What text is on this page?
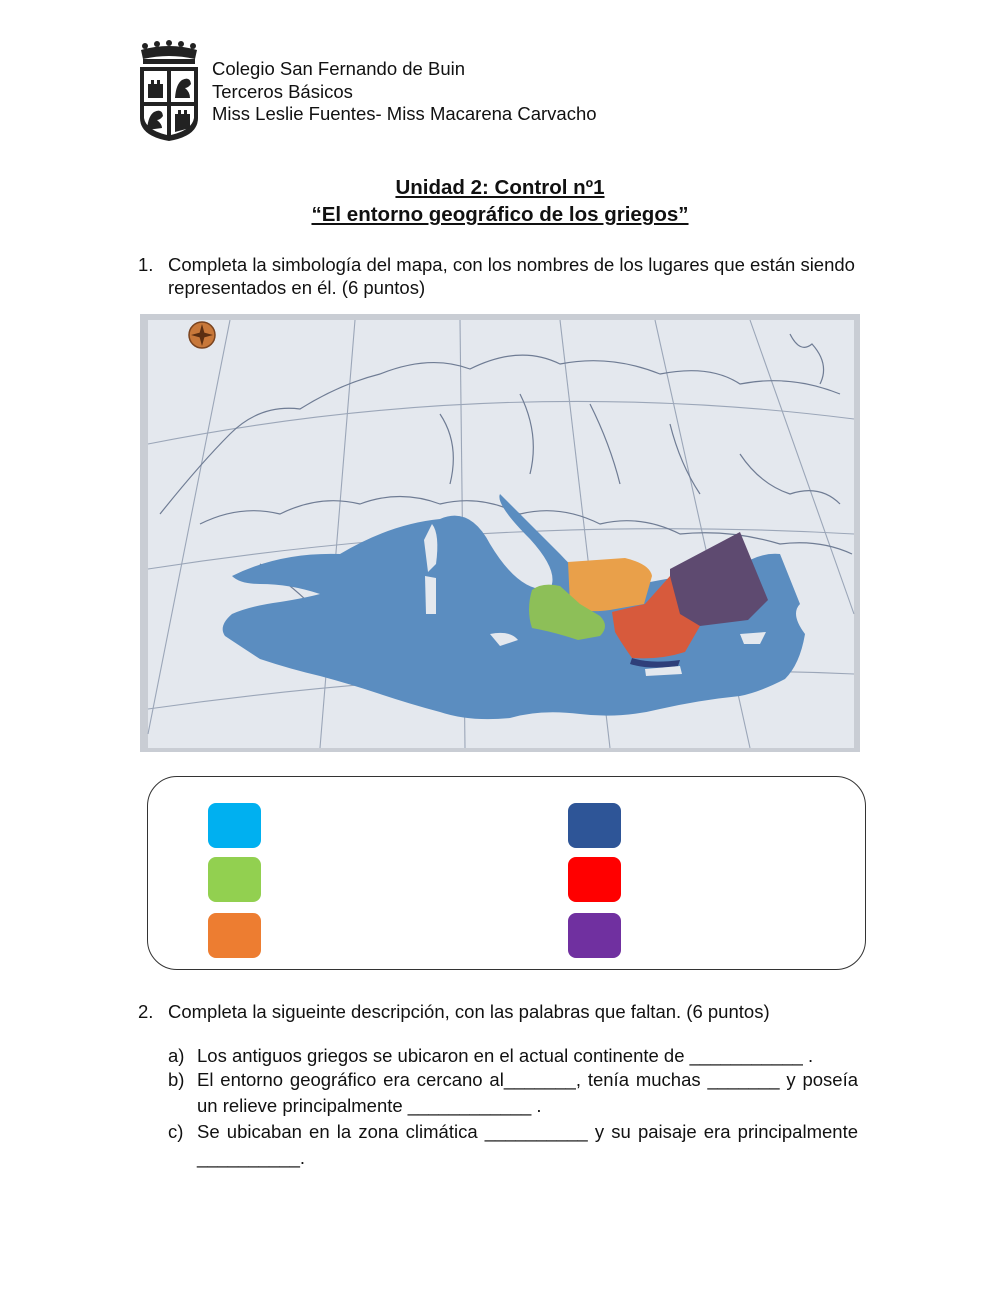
Colegio San Fernando de Buin
Terceros Básicos
Miss Leslie Fuentes- Miss Macarena Carvacho
Unidad 2: Control nº1
“El entorno geográfico de los griegos”
1. Completa la simbología del mapa, con los nombres de los lugares que están siendo representados en él. (6 puntos)
2. Completa la sigueinte descripción, con las palabras que faltan. (6 puntos)
a) Los antiguos griegos se ubicaron en el actual continente de ___________ .
b) El entorno geográfico era cercano al_______, tenía muchas _______ y poseía un relieve principalmente ____________ .
c) Se ubicaban en la zona climática __________ y su paisaje era principalmente __________.
